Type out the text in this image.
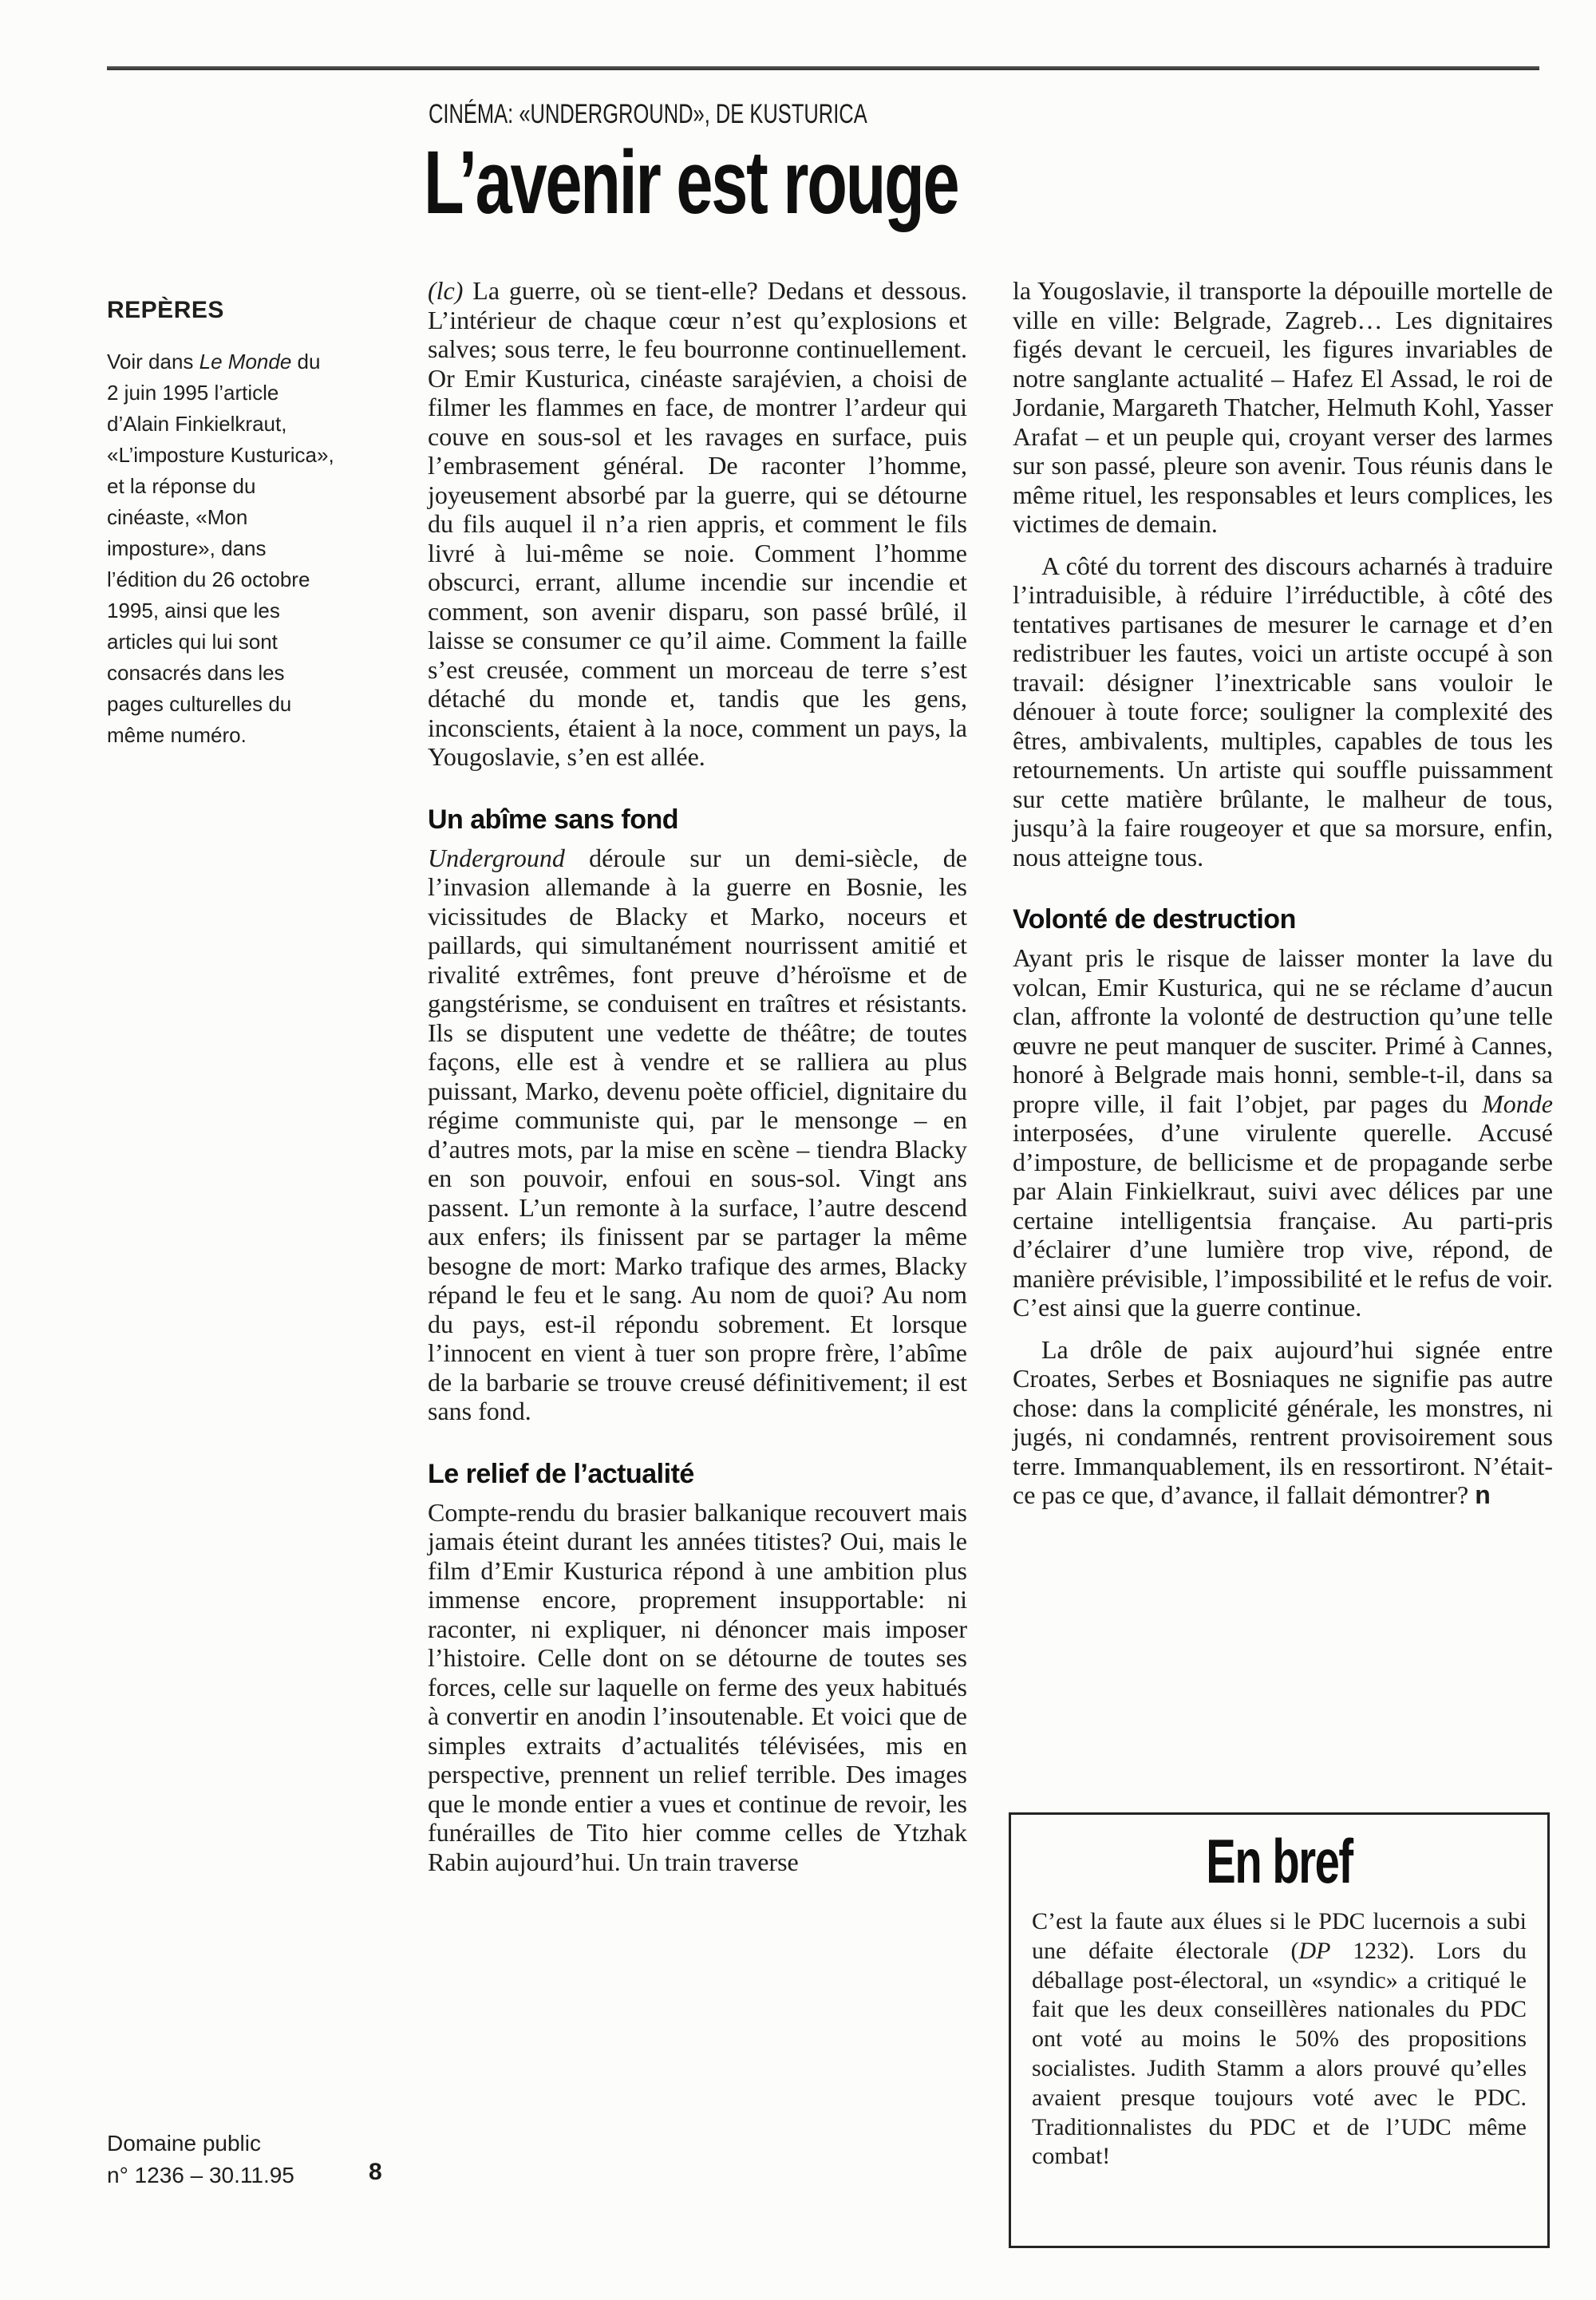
CINÉMA: «UNDERGROUND», DE KUSTURICA
L’avenir est rouge
REPÈRES

Voir dans Le Monde du 2 juin 1995 l’article d’Alain Finkielkraut, «L’imposture Kusturica», et la réponse du cinéaste, «Mon imposture», dans l’édition du 26 octobre 1995, ainsi que les articles qui lui sont consacrés dans les pages culturelles du même numéro.

(lc) La guerre, où se tient-elle? Dedans et dessous. L’intérieur de chaque cœur n’est qu’explosions et salves; sous terre, le feu bourronne continuellement. Or Emir Kusturica, cinéaste sarajévien, a choisi de filmer les flammes en face, de montrer l’ardeur qui couve en sous-sol et les ravages en surface, puis l’embrasement général. De raconter l’homme, joyeusement absorbé par la guerre, qui se détourne du fils auquel il n’a rien appris, et comment le fils livré à lui-même se noie. Comment l’homme obscurci, errant, allume incendie sur incendie et comment, son avenir disparu, son passé brûlé, il laisse se consumer ce qu’il aime. Comment la faille s’est creusée, comment un morceau de terre s’est détaché du monde et, tandis que les gens, inconscients, étaient à la noce, comment un pays, la Yougoslavie, s’en est allée.

Un abîme sans fond

Underground déroule sur un demi-siècle, de l’invasion allemande à la guerre en Bosnie, les vicissitudes de Blacky et Marko, noceurs et paillards, qui simultanément nourrissent amitié et rivalité extrêmes, font preuve d’héroïsme et de gangstérisme, se conduisent en traîtres et résistants. Ils se disputent une vedette de théâtre; de toutes façons, elle est à vendre et se ralliera au plus puissant, Marko, devenu poète officiel, dignitaire du régime communiste qui, par le mensonge – en d’autres mots, par la mise en scène – tiendra Blacky en son pouvoir, enfoui en sous-sol. Vingt ans passent. L’un remonte à la surface, l’autre descend aux enfers; ils finissent par se partager la même besogne de mort: Marko trafique des armes, Blacky répand le feu et le sang. Au nom de quoi? Au nom du pays, est-il répondu sobrement. Et lorsque l’innocent en vient à tuer son propre frère, l’abîme de la barbarie se trouve creusé définitivement; il est sans fond.

Le relief de l’actualité

Compte-rendu du brasier balkanique recouvert mais jamais éteint durant les années titistes? Oui, mais le film d’Emir Kusturica répond à une ambition plus immense encore, proprement insupportable: ni raconter, ni expliquer, ni dénoncer mais imposer l’histoire. Celle dont on se détourne de toutes ses forces, celle sur laquelle on ferme des yeux habitués à convertir en anodin l’insoutenable. Et voici que de simples extraits d’actualités télévisées, mis en perspective, prennent un relief terrible. Des images que le monde entier a vues et continue de revoir, les funérailles de Tito hier comme celles de Ytzhak Rabin aujourd’hui. Un train traverse

la Yougoslavie, il transporte la dépouille mortelle de ville en ville: Belgrade, Zagreb… Les dignitaires figés devant le cercueil, les figures invariables de notre sanglante actualité – Hafez El Assad, le roi de Jordanie, Margareth Thatcher, Helmuth Kohl, Yasser Arafat – et un peuple qui, croyant verser des larmes sur son passé, pleure son avenir. Tous réunis dans le même rituel, les responsables et leurs complices, les victimes de demain.

A côté du torrent des discours acharnés à traduire l’intraduisible, à réduire l’irréductible, à côté des tentatives partisanes de mesurer le carnage et d’en redistribuer les fautes, voici un artiste occupé à son travail: désigner l’inextricable sans vouloir le dénouer à toute force; souligner la complexité des êtres, ambivalents, multiples, capables de tous les retournements. Un artiste qui souffle puissamment sur cette matière brûlante, le malheur de tous, jusqu’à la faire rougeoyer et que sa morsure, enfin, nous atteigne tous.

Volonté de destruction

Ayant pris le risque de laisser monter la lave du volcan, Emir Kusturica, qui ne se réclame d’aucun clan, affronte la volonté de destruction qu’une telle œuvre ne peut manquer de susciter. Primé à Cannes, honoré à Belgrade mais honni, semble-t-il, dans sa propre ville, il fait l’objet, par pages du Monde interposées, d’une virulente querelle. Accusé d’imposture, de bellicisme et de propagande serbe par Alain Finkielkraut, suivi avec délices par une certaine intelligentsia française. Au parti-pris d’éclairer d’une lumière trop vive, répond, de manière prévisible, l’impossibilité et le refus de voir. C’est ainsi que la guerre continue.

La drôle de paix aujourd’hui signée entre Croates, Serbes et Bosniaques ne signifie pas autre chose: dans la complicité générale, les monstres, ni jugés, ni condamnés, rentrent provisoirement sous terre. Immanquablement, ils en ressortiront. N’était-ce pas ce que, d’avance, il fallait démontrer? n

En bref

C’est la faute aux élues si le PDC lucernois a subi une défaite électorale (DP 1232). Lors du déballage post-électoral, un «syndic» a critiqué le fait que les deux conseillères nationales du PDC ont voté au moins le 50% des propositions socialistes. Judith Stamm a alors prouvé qu’elles avaient presque toujours voté avec le PDC. Traditionnalistes du PDC et de l’UDC même combat!

Domaine public
n° 1236 – 30.11.95	8
